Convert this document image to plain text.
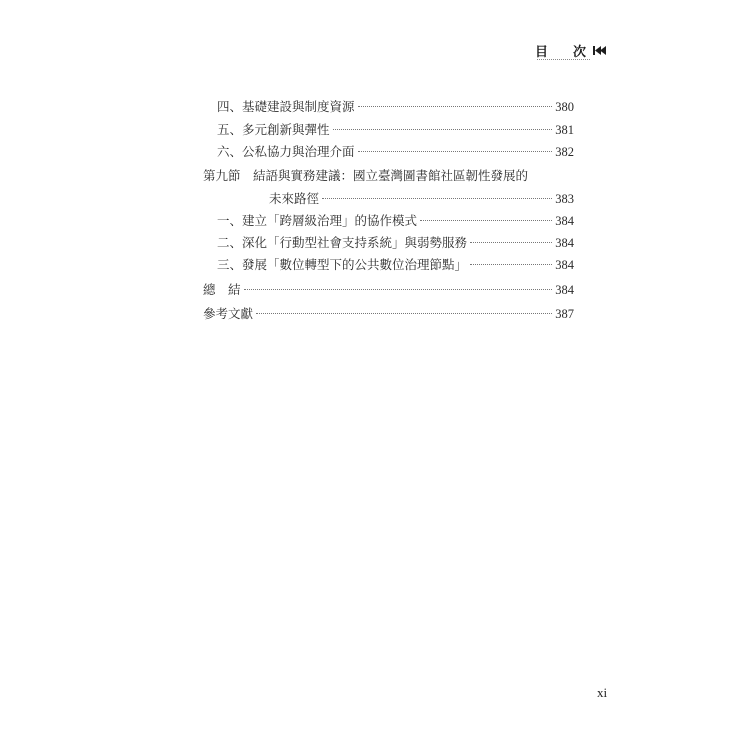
目　次
四、基礎建設與制度資源	380
五、多元創新與彈性	381
六、公私協力與治理介面	382
第九節　結語與實務建議：國立臺灣圖書館社區韌性發展的
未來路徑	383
一、建立「跨層級治理」的協作模式	384
二、深化「行動型社會支持系統」與弱勢服務	384
三、發展「數位轉型下的公共數位治理節點」	384
總　結	384
參考文獻	387
xi
